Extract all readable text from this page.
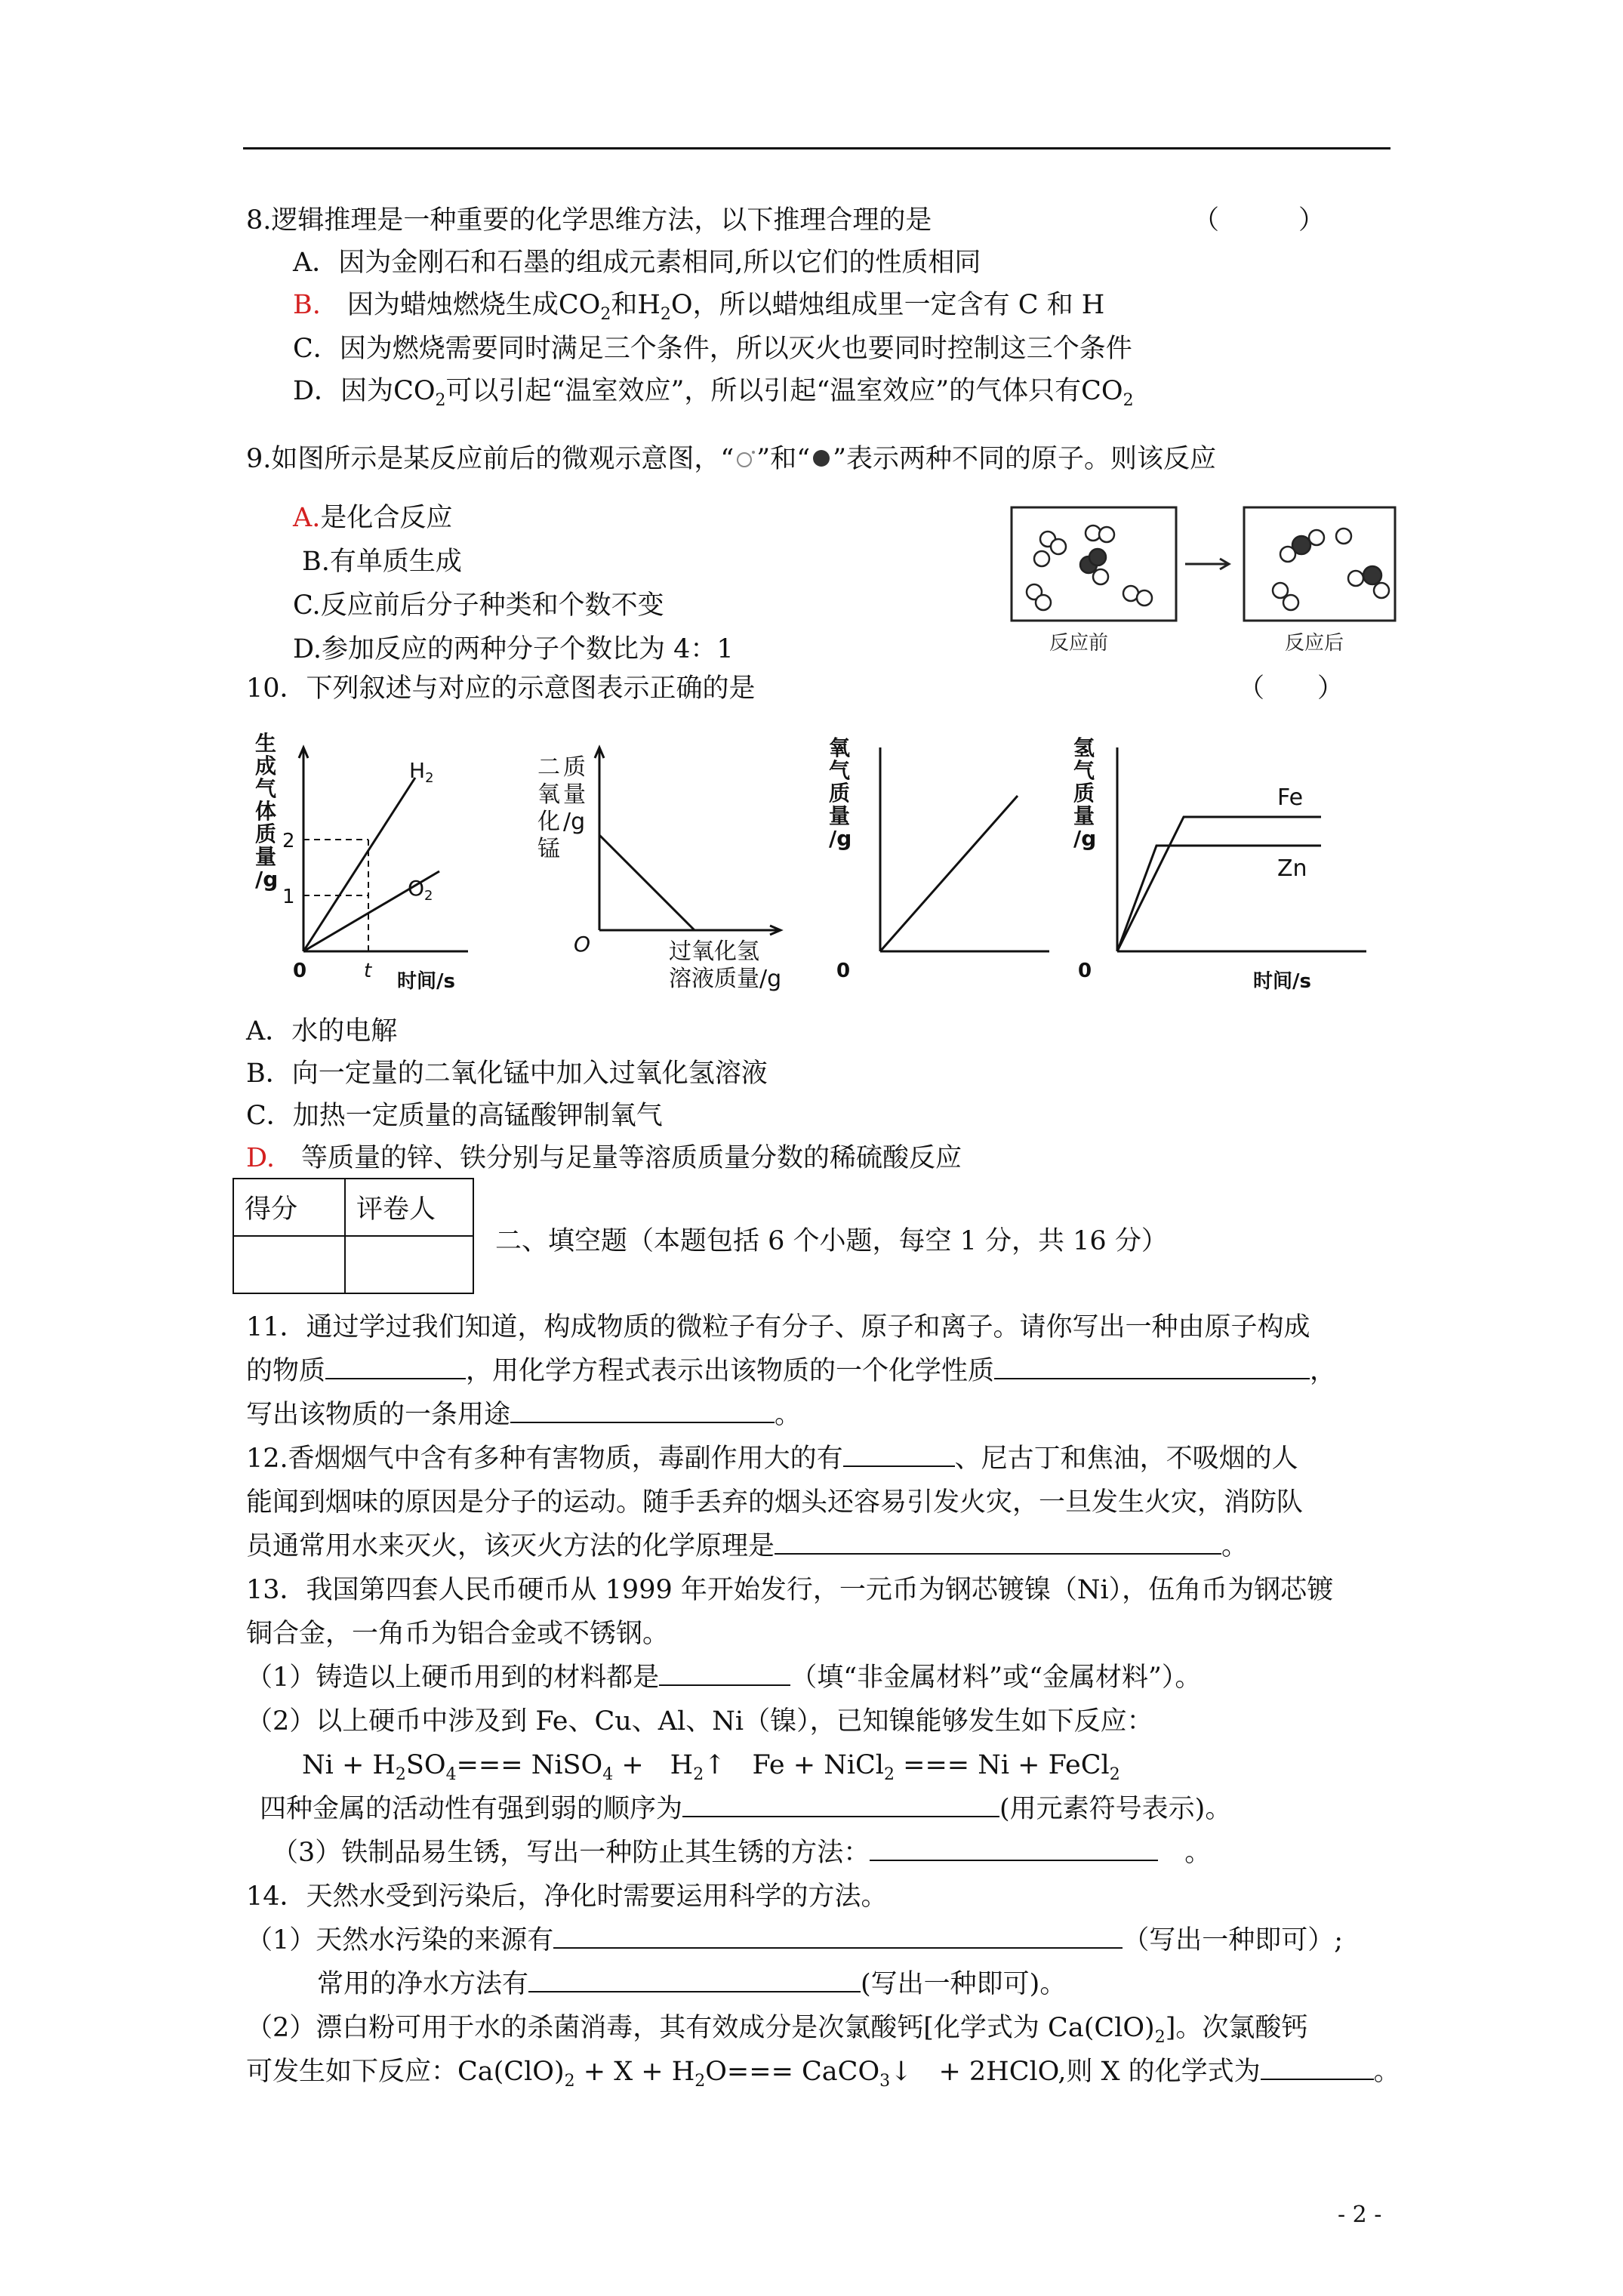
8.逻辑推理是一种重要的化学思维方法，以下推理合理的是	（　　　）
A．因为金刚石和石墨的组成元素相同,所以它们的性质相同
B.　 因为蜡烛燃烧生成$CO_2$和$H_2O$，所以蜡烛组成里一定含有 C 和 H
C．因为燃烧需要同时满足三个条件，所以灭火也要同时控制这三个条件
D．因为$CO_2$可以引起“温室效应”，所以引起“温室效应”的气体只有$CO_2$
9.如图所示是某反应前后的微观示意图，“ ”和“ ”表示两种不同的原子。则该反应
A.是化合反应
B.有单质生成
C.反应前后分子种类和个数不变
D.参加反应的两种分子个数比为 4：1	反应前	反应后
10．下列叙述与对应的示意图表示正确的是	（　　）
生成气体质量/g
$H_2$
$O_2$
2
1
0	t 时间/s
二
氧
化
锰
质
量
/g
O	过氧化氢
溶液质量/g
氧气质量/g
0
氢气质量/g
Fe
Zn
0	时间/s
A．水的电解
B．向一定量的二氧化锰中加入过氧化氢溶液
C．加热一定质量的高锰酸钾制氧气
D.　 等质量的锌、铁分别与足量等溶质质量分数的稀硫酸反应
得分	评卷人

二、填空题（本题包括 6 个小题，每空 1 分，共 16 分）
11．通过学过我们知道，构成物质的微粒子有分子、原子和离子。请你写出一种由原子构成
的物质	，用化学方程式表示出该物质的一个化学性质	，
写出该物质的一条用途	。
12.香烟烟气中含有多种有害物质，毒副作用大的有	、尼古丁和焦油，不吸烟的人
能闻到烟味的原因是分子的运动。随手丢弃的烟头还容易引发火灾，一旦发生火灾，消防队
员通常用水来灭火，该灭火方法的化学原理是	。
13．我国第四套人民币硬币从 1999 年开始发行，一元币为钢芯镀镍（Ni），伍角币为钢芯镀
铜合金，一角币为铝合金或不锈钢。
（1）铸造以上硬币用到的材料都是	（填“非金属材料”或“金属材料”）。
（2）以上硬币中涉及到 Fe、Cu、Al、Ni（镍），已知镍能够发生如下反应：
$Ni + H_2SO_4===$ NiSO$_4$ +　$H_2↑$　 Fe + NiCl$_2$ === Ni + FeCl$_2$
四种金属的活动性有强到弱的顺序为	(用元素符号表示)。
（3）铁制品易生锈，写出一种防止其生锈的方法：　	。
14．天然水受到污染后，净化时需要运用科学的方法。
（1）天然水污染的来源有	（写出一种即可）;
常用的净水方法有	(写出一种即可)。
（2）漂白粉可用于水的杀菌消毒，其有效成分是次氯酸钙[化学式为 $Ca(ClO)_2$]。次氯酸钙
可发生如下反应：$Ca(ClO)_2 + X + H_2O===$ CaCO$_3$↓　+ 2HClO,则 X 的化学式为	。
- 2 -
